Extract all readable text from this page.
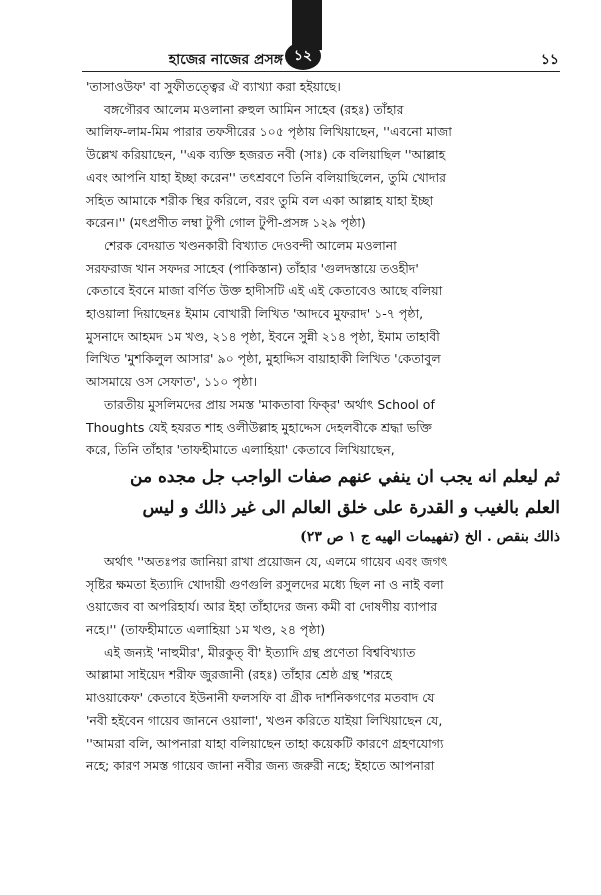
হাজের নাজের প্রসঙ্গ ১২	১১

'তাসাওউফ' বা সুফীতত্ত্বের ঐ ব্যাখ্যা করা হইয়াছে।

বঙ্গগৌরব আলেম মওলানা রুহুল আমিন সাহেব (রহঃ) তাঁহার
আলিফ-লাম-মিম পারার তফসীরের ১০৫ পৃষ্ঠায় লিখিয়াছেন, ''এবনো মাজা
উল্লেখ করিয়াছেন, ''এক ব্যক্তি হজরত নবী (সাঃ) কে বলিয়াছিল ''আল্লাহ
এবং আপনি যাহা ইচ্ছা করেন'' তৎশ্রবণে তিনি বলিয়াছিলেন, তুমি খোদার
সহিত আমাকে শরীক স্থির করিলে, বরং তুমি বল একা আল্লাহ যাহা ইচ্ছা
করেন।'' (মৎপ্রণীত লম্বা টুপী গোল টুপী-প্রসঙ্গ ১২৯ পৃষ্ঠা)

শেরক বেদয়াত খণ্ডনকারী বিখ্যাত দেওবন্দী আলেম মওলানা
সরফরাজ খান সফদর সাহেব (পাকিস্তান) তাঁহার 'গুলদস্তায়ে তওহীদ'
কেতাবে ইবনে মাজা বর্ণিত উক্ত হাদীসটি এই এই কেতাবেও আছে বলিয়া
হাওয়ালা দিয়াছেনঃ ইমাম বোখারী লিখিত 'আদবে মুফরাদ' ১-৭ পৃষ্ঠা,
মুসনাদে আহমদ ১ম খণ্ড, ২১৪ পৃষ্ঠা, ইবনে সুন্নী ২১৪ পৃষ্ঠা, ইমাম তাহাবী
লিখিত 'মুশকিলুল আসার' ৯০ পৃষ্ঠা, মুহাদ্দিস বায়াহাকী লিখিত 'কেতাবুল
আসমায়ে ওস সেফাত', ১১০ পৃষ্ঠা।

তারতীয় মুসলিমদের প্রায় সমস্ত 'মাকতাবা ফিক্‌র' অর্থাৎ School of
Thoughts যেই হযরত শাহ ওলীউল্লাহ মুহাদ্দেস দেহলবীকে শ্রদ্ধা ভক্তি
করে, তিনি তাঁহার 'তাফহীমাতে এলাহিয়া' কেতাবে লিখিয়াছেন,

ثم ليعلم انه يجب ان ينفي عنهم صفات الواجب جل مجده من

العلم بالغيب و القدرة على خلق العالم الى غير ذالك و ليس

ذالك بنقص . الخ (تفهيمات الهيه ج ١ ص ٢٣)

অর্থাৎ ''অতঃপর জানিয়া রাখা প্রয়োজন যে, এলমে গায়েব এবং জগৎ
সৃষ্টির ক্ষমতা ইত্যাদি খোদায়ী গুণগুলি রসুলদের মধ্যে ছিল না ও নাই বলা
ওয়াজেব বা অপরিহার্য। আর ইহা তাঁহাদের জন্য কমী বা দোষণীয় ব্যাপার
নহে।'' (তাফহীমাতে এলাহিয়া ১ম খণ্ড, ২৪ পৃষ্ঠা)

এই জন্যই 'নাহুমীর', মীরকুত্‌ বী' ইত্যাদি গ্রন্থ প্রণেতা বিশ্ববিখ্যাত
আল্লামা সাইয়েদ শরীফ জুরজানী (রহঃ) তাঁহার শ্রেষ্ঠ গ্রন্থ 'শরহে
মাওয়াকেফ' কেতাবে ইউনানী ফলসফি বা গ্রীক দার্শনিকগণের মতবাদ যে
'নবী হইবেন গায়েব জাননে ওয়ালা', খণ্ডন করিতে যাইয়া লিখিয়াছেন যে,
''আমরা বলি, আপনারা যাহা বলিয়াছেন তাহা কয়েকটি কারণে গ্রহণযোগ্য
নহে; কারণ সমস্ত গায়েব জানা নবীর জন্য জরুরী নহে; ইহাতে আপনারা
